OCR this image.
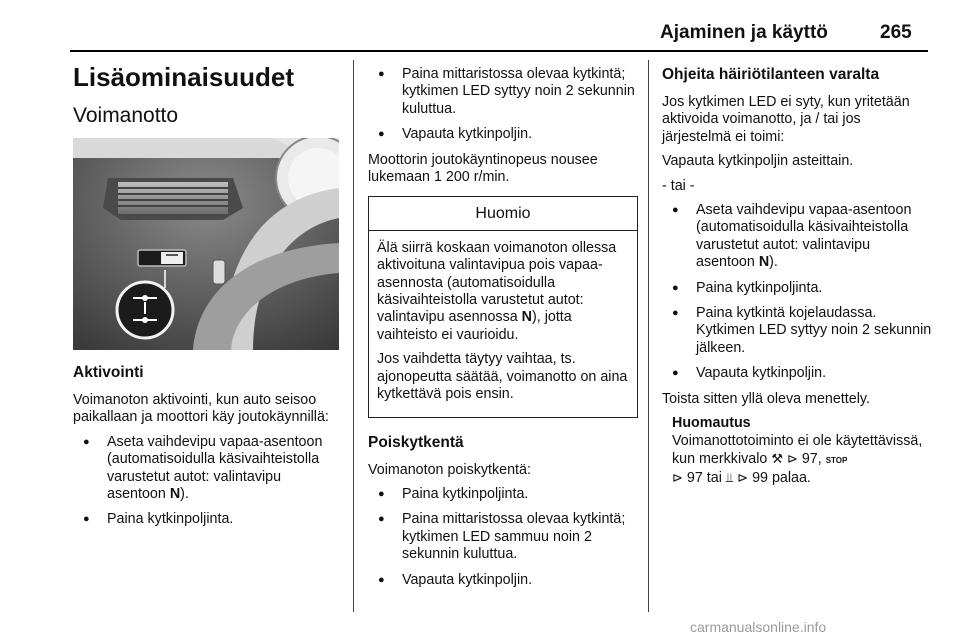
Ajaminen ja käyttö	265
Lisäominaisuudet
Voimanotto
Aktivointi
Voimanoton aktivointi, kun auto seisoo paikallaan ja moottori käy joutokäynnillä:
● Aseta vaihdevipu vapaa-asentoon (automatisoidulla käsivaihteistolla varustetut autot: valintavipu asentoon N).
● Paina kytkinpoljinta.
● Paina mittaristossa olevaa kytkintä; kytkimen LED syttyy noin 2 sekunnin kuluttua.
● Vapauta kytkinpoljin.
Moottorin joutokäyntinopeus nousee lukemaan 1 200 r/min.
Huomio
Älä siirrä koskaan voimanoton ollessa aktivoituna valintavipua pois vapaa-asennosta (automatisoidulla käsivaihteistolla varustetut autot: valintavipu asennossa N), jotta vaihteisto ei vaurioidu.
Jos vaihdetta täytyy vaihtaa, ts. ajonopeutta säätää, voimanotto on aina kytkettävä pois ensin.
Poiskytkentä
Voimanoton poiskytkentä:
● Paina kytkinpoljinta.
● Paina mittaristossa olevaa kytkintä; kytkimen LED sammuu noin 2 sekunnin kuluttua.
● Vapauta kytkinpoljin.
Ohjeita häiriötilanteen varalta
Jos kytkimen LED ei syty, kun yritetään aktivoida voimanotto, ja / tai jos järjestelmä ei toimi:
Vapauta kytkinpoljin asteittain.
- tai -
● Aseta vaihdevipu vapaa-asentoon (automatisoidulla käsivaihteistolla varustetut autot: valintavipu asentoon N).
● Paina kytkinpoljinta.
● Paina kytkintä kojelaudassa. Kytkimen LED syttyy noin 2 sekunnin jälkeen.
● Vapauta kytkinpoljin.
Toista sitten yllä oleva menettely.
Huomautus
Voimanottotoiminto ei ole käytettävissä, kun merkkivalo ⚒ ⊳ 97, STOP
⊳ 97 tai ⫫ ⊳ 99 palaa.
carmanualsonline.info
